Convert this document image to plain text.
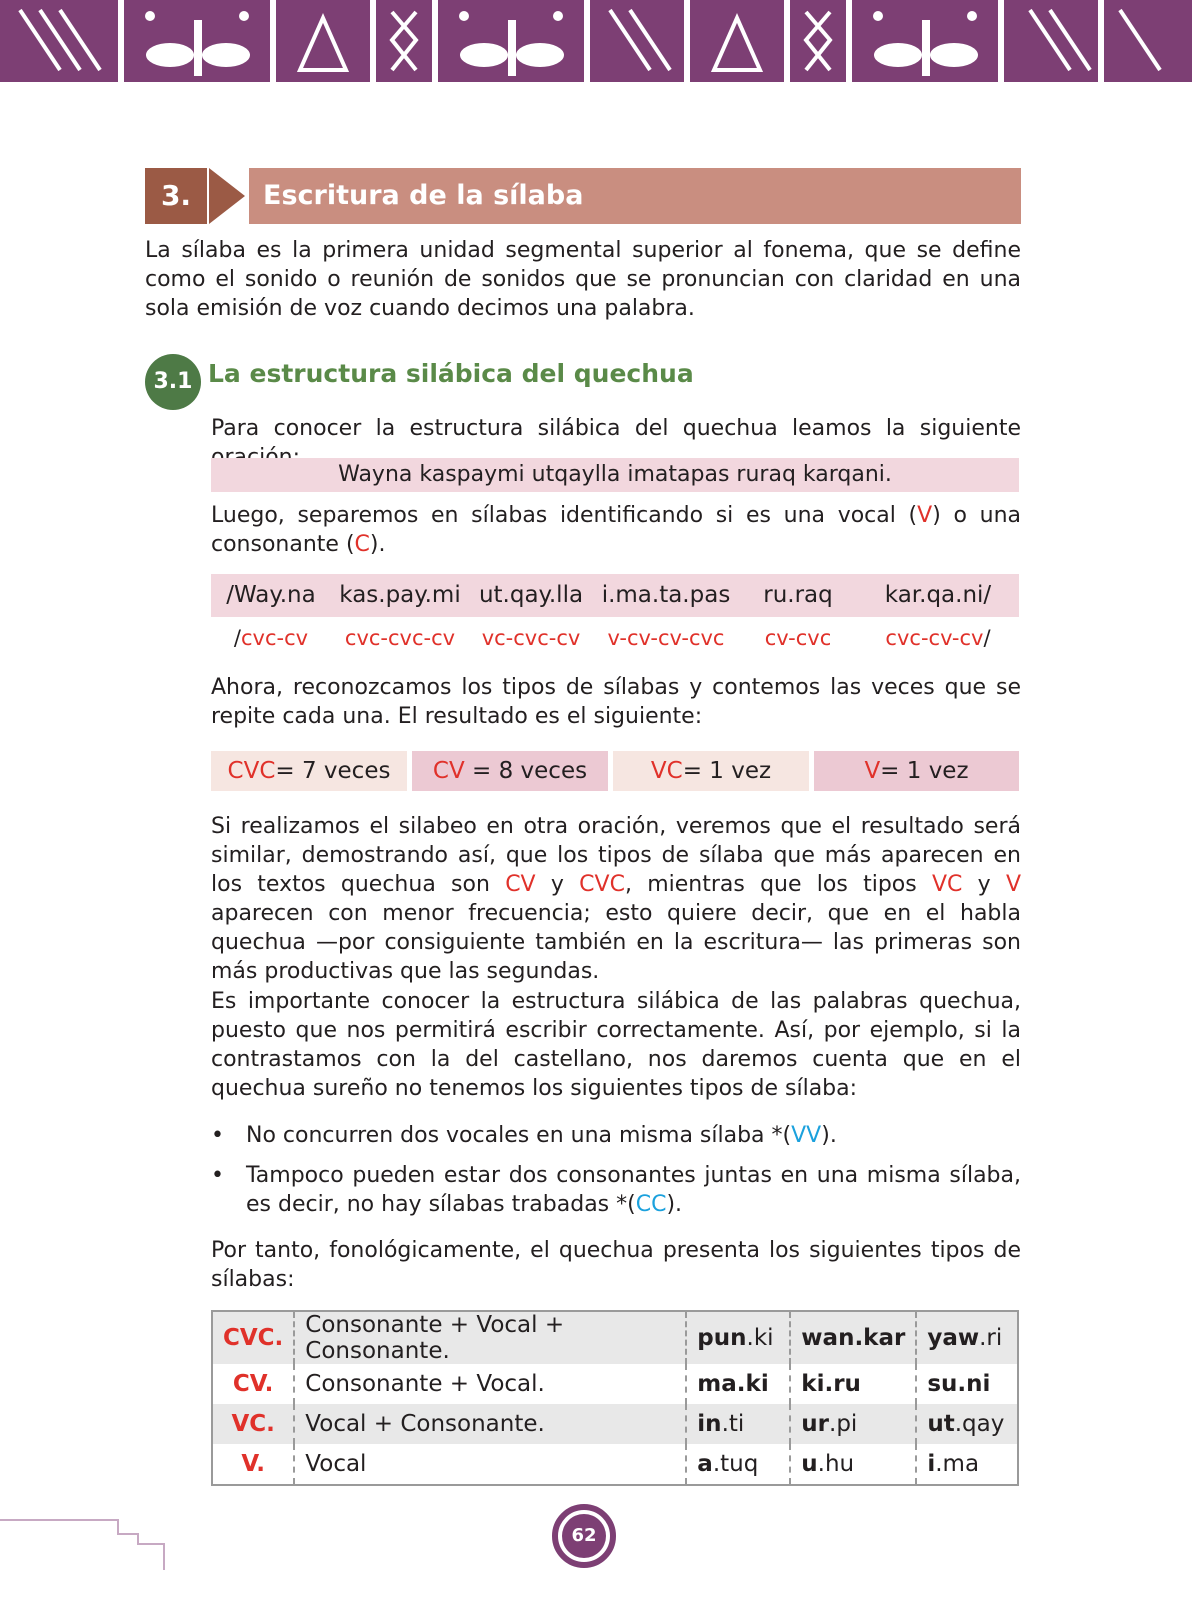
3.	Escritura de la sílaba
La sílaba es la primera unidad segmental superior al fonema, que se define como el sonido o reunión de sonidos que se pronuncian con claridad en una sola emisión de voz cuando decimos una palabra.
3.1 La estructura silábica del quechua
Para conocer la estructura silábica del quechua leamos la siguiente
Wayna kaspaymi utqaylla imatapas ruraq karqani.
Luego, separemos en sílabas identificando si es una vocal (V) o una consonante (C).
/Way.na	kas.pay.mi ut.qay.lla i.ma.ta.pas	ru.raq	kar.qa.ni/
/cvc-cv	cvc-cvc-cv	vc-cvc-cv	v-cv-cv-cvc	cv-cvc	cvc-cv-cv/
Ahora, reconozcamos los tipos de sílabas y contemos las veces que se repite cada una. El resultado es el siguiente:
CVC= 7 veces	CV = 8 veces	VC= 1 vez	V= 1 vez
Si realizamos el silabeo en otra oración, veremos que el resultado será similar, demostrando así, que los tipos de sílaba que más aparecen en los textos quechua son CV y CVC, mientras que los tipos VC y V aparecen con menor frecuencia; esto quiere decir, que en el habla quechua —por consiguiente también en la escritura— las primeras son más productivas que las segundas.
Es importante conocer la estructura silábica de las palabras quechua, puesto que nos permitirá escribir correctamente. Así, por ejemplo, si la contrastamos con la del castellano, nos daremos cuenta que en el quechua sureño no tenemos los siguientes tipos de sílaba:
• No concurren dos vocales en una misma sílaba *(VV).
• Tampoco pueden estar dos consonantes juntas en una misma sílaba, es decir, no hay sílabas trabadas *(CC).
Por tanto, fonológicamente, el quechua presenta los siguientes tipos de sílabas:
CVC.	Consonante + Vocal + Consonante.	pun.ki	wan.kar	yaw.ri
CV.	Consonante + Vocal.	ma.ki	ki.ru	su.ni
VC.	Vocal + Consonante.	in.ti	ur.pi	ut.qay
V.	Vocal	a.tuq	u.hu	i.ma
62
